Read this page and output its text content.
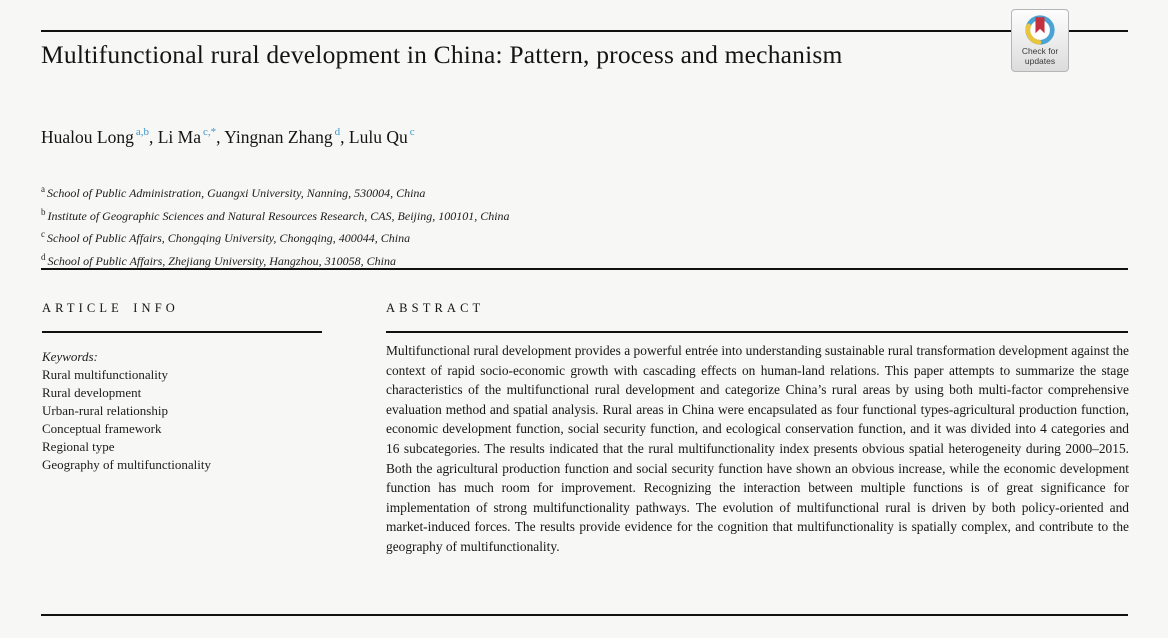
Check for
updates
Multifunctional rural development in China: Pattern, process and mechanism
Hualou Long $^{a,b}$, Li Ma $^{c,*}$, Yingnan Zhang $^d$, Lulu Qu $^c$
$^a$ School of Public Administration, Guangxi University, Nanning, 530004, China
$^b$ Institute of Geographic Sciences and Natural Resources Research, CAS, Beijing, 100101, China
$^c$ School of Public Affairs, Chongqing University, Chongqing, 400044, China
$^d$ School of Public Affairs, Zhejiang University, Hangzhou, 310058, China
ARTICLE INFO	ABSTRACT
Keywords:
Rural multifunctionality
Rural development
Urban-rural relationship
Conceptual framework
Regional type
Geography of multifunctionality
Multifunctional rural development provides a powerful entrée into understanding sustainable rural transformation development against the context of rapid socio-economic growth with cascading effects on human-land relations. This paper attempts to summarize the stage characteristics of the multifunctional rural development and categorize China’s rural areas by using both multi-factor comprehensive evaluation method and spatial analysis. Rural areas in China were encapsulated as four functional types-agricultural production function, economic development function, social security function, and ecological conservation function, and it was divided into 4 categories and 16 subcategories. The results indicated that the rural multifunctionality index presents obvious spatial heterogeneity during 2000–2015. Both the agricultural production function and social security function have shown an obvious increase, while the economic development function has much room for improvement. Recognizing the interaction between multiple functions is of great significance for implementation of strong multifunctionality pathways. The evolution of multifunctional rural is driven by both policy-oriented and market-induced forces. The results provide evidence for the cognition that multifunctionality is spatially complex, and contribute to the geography of multifunctionality.
